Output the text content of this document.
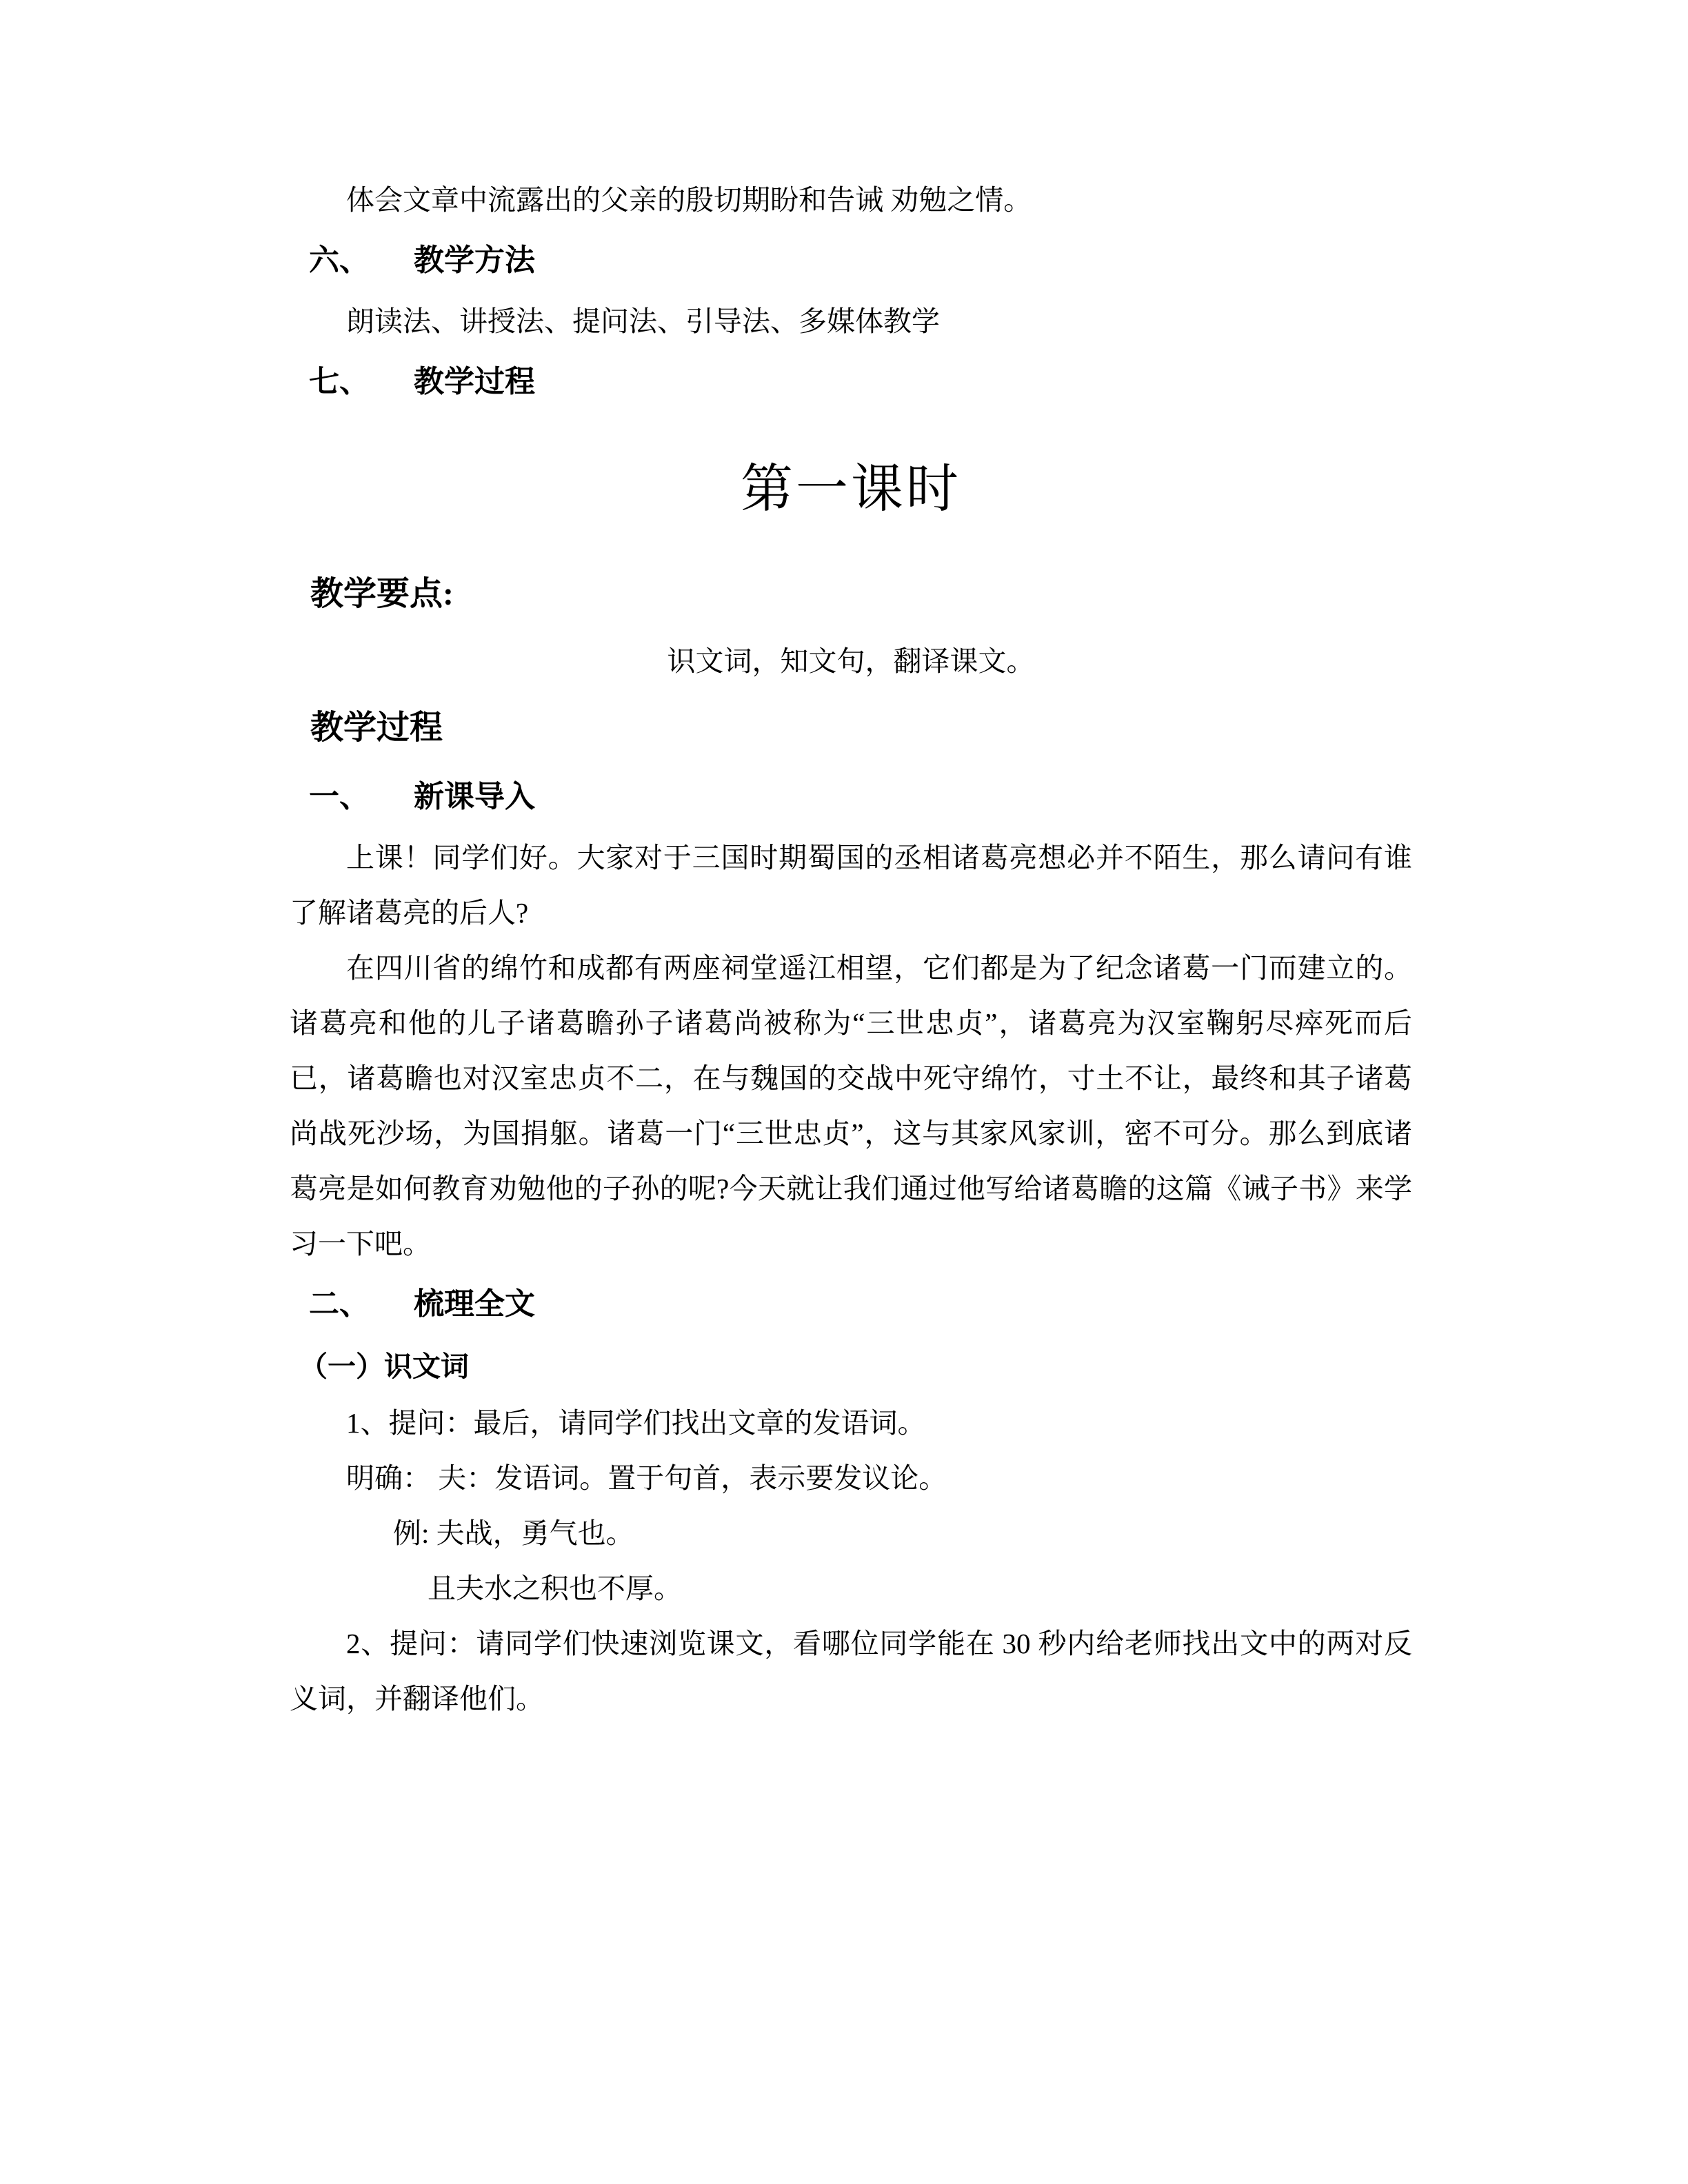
体会文章中流露出的父亲的殷切期盼和告诫 劝勉之情。

六、 教学方法

朗读法、讲授法、提问法、引导法、多媒体教学

七、 教学过程

第一课时

教学要点:

识文词，知文句，翻译课文。

教学过程

一、 新课导入

上课！同学们好。大家对于三国时期蜀国的丞相诸葛亮想必并不陌生，那么请问有谁了解诸葛亮的后人?

在四川省的绵竹和成都有两座祠堂遥江相望，它们都是为了纪念诸葛一门而建立的。诸葛亮和他的儿子诸葛瞻孙子诸葛尚被称为“三世忠贞”，诸葛亮为汉室鞠躬尽瘁死而后已，诸葛瞻也对汉室忠贞不二，在与魏国的交战中死守绵竹，寸土不让，最终和其子诸葛尚战死沙场，为国捐躯。诸葛一门“三世忠贞”，这与其家风家训，密不可分。那么到底诸葛亮是如何教育劝勉他的子孙的呢?今天就让我们通过他写给诸葛瞻的这篇《诫子书》来学习一下吧。

二、 梳理全文

（一）识文词

1、提问：最后，请同学们找出文章的发语词。

明确： 夫：发语词。置于句首，表示要发议论。

例: 夫战，勇气也。

且夫水之积也不厚。

2、提问：请同学们快速浏览课文，看哪位同学能在 30 秒内给老师找出文中的两对反义词，并翻译他们。
